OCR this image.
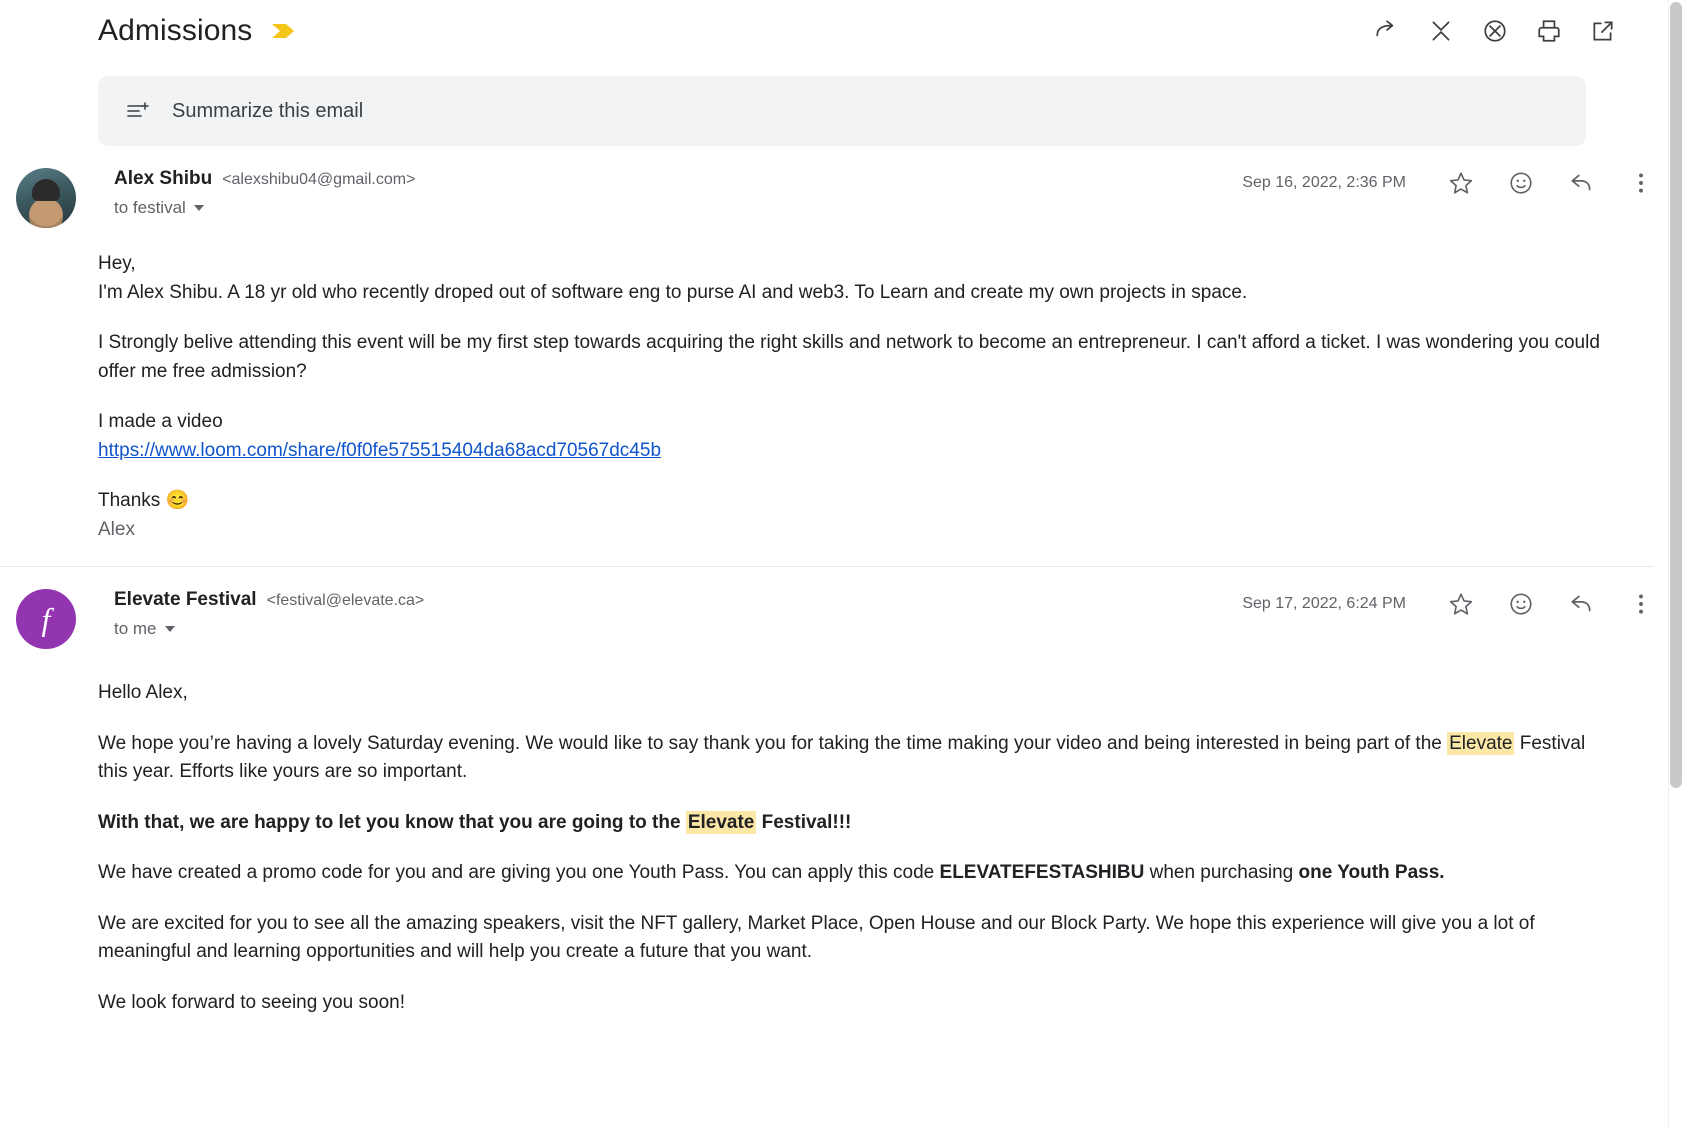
Admissions
Summarize this email
Alex Shibu <alexshibu04@gmail.com>
to festival
Sep 16, 2022, 2:36 PM

Hey,

I'm Alex Shibu. A 18 yr old who recently droped out of software eng to purse AI and web3. To Learn and create my own projects in space.

I Strongly belive attending this event will be my first step towards acquiring the right skills and network to become an entrepreneur. I can't afford a ticket. I was wondering you could offer me free admission?

I made a video

https://www.loom.com/share/f0f0fe575515404da68acd70567dc45b

Thanks 😊

Alex

f
Elevate Festival <festival@elevate.ca>
to me
Sep 17, 2022, 6:24 PM

Hello Alex,

We hope you’re having a lovely Saturday evening. We would like to say thank you for taking the time making your video and being interested in being part of the Elevate Festival this year. Efforts like yours are so important.

With that, we are happy to let you know that you are going to the Elevate Festival!!!

We have created a promo code for you and are giving you one Youth Pass. You can apply this code ELEVATEFESTASHIBU when purchasing one Youth Pass.

We are excited for you to see all the amazing speakers, visit the NFT gallery, Market Place, Open House and our Block Party. We hope this experience will give you a lot of meaningful and learning opportunities and will help you create a future that you want.

We look forward to seeing you soon!
